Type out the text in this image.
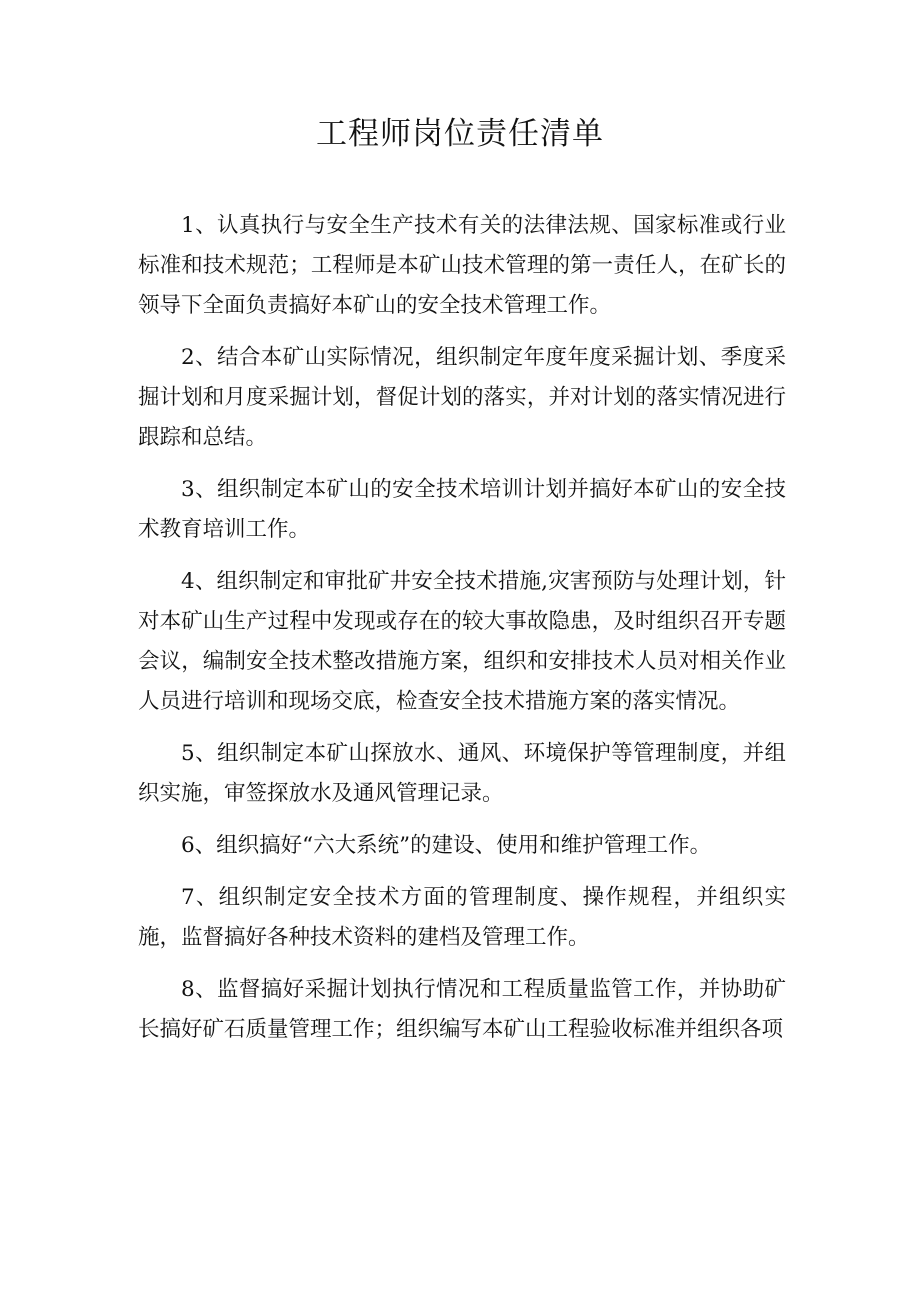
工程师岗位责任清单

1、认真执行与安全生产技术有关的法律法规、国家标准或行业标准和技术规范；工程师是本矿山技术管理的第一责任人，在矿长的领导下全面负责搞好本矿山的安全技术管理工作。

2、结合本矿山实际情况，组织制定年度年度采掘计划、季度采掘计划和月度采掘计划，督促计划的落实，并对计划的落实情况进行跟踪和总结。

3、组织制定本矿山的安全技术培训计划并搞好本矿山的安全技术教育培训工作。

4、组织制定和审批矿井安全技术措施,灾害预防与处理计划，针对本矿山生产过程中发现或存在的较大事故隐患，及时组织召开专题会议，编制安全技术整改措施方案，组织和安排技术人员对相关作业人员进行培训和现场交底，检查安全技术措施方案的落实情况。

5、组织制定本矿山探放水、通风、环境保护等管理制度，并组织实施，审签探放水及通风管理记录。

6、组织搞好“六大系统”的建设、使用和维护管理工作。

7、组织制定安全技术方面的管理制度、操作规程，并组织实施，监督搞好各种技术资料的建档及管理工作。

8、监督搞好采掘计划执行情况和工程质量监管工作，并协助矿长搞好矿石质量管理工作；组织编写本矿山工程验收标准并组织各项
